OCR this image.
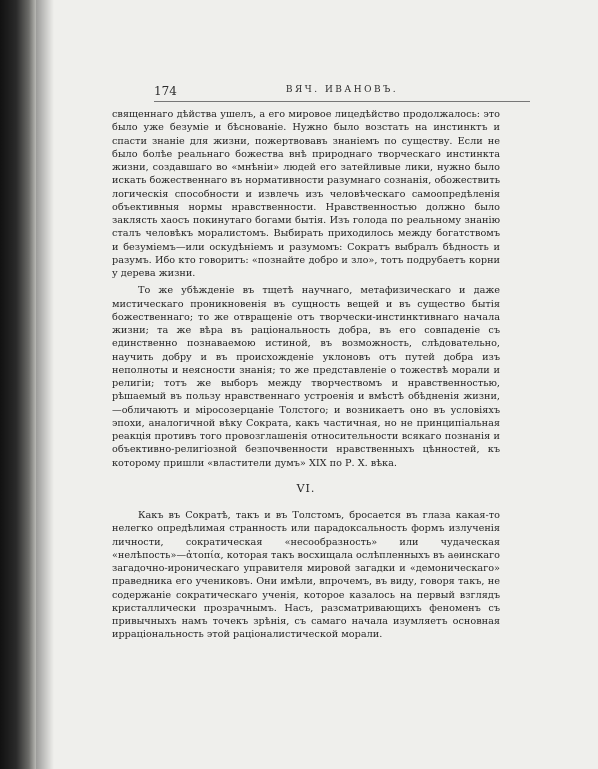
174	ВЯЧ. ИВАНОВЪ.

священнаго дѣйства ушелъ, а его мировое лицедѣйство продолжалось: это было уже безуміе и бѣснованіе. Нужно было возстать на инстинктъ и спасти знаніе для жизни, пожертвовавъ знаніемъ по существу. Если не было болѣе реальнаго божества внѣ природнаго творческаго инстинкта жизни, создавшаго во «мнѣніи» людей его затейливые лики, нужно было искать божественнаго въ нормативности разумнаго сознанія, обожествить логическія способности и извлечь изъ человѣческаго самоопредѣленія объективныя нормы нравственности. Нравственностью должно было заклясть хаосъ покинутаго богами бытія. Изъ голода по реальному знанію сталъ человѣкъ моралистомъ. Выбирать приходилось между богатствомъ и безуміемъ—или оскудѣніемъ и разумомъ: Сократъ выбралъ бѣдность и разумъ. Ибо кто говоритъ: «познайте добро и зло», тотъ подрубаетъ корни у дерева жизни.

То же убѣжденіе въ тщетѣ научнаго, метафизическаго и даже мистическаго проникновенія въ сущность вещей и въ существо бытія божественнаго; то же отвращеніе отъ творчески-инстинктивнаго начала жизни; та же вѣра въ раціональность добра, въ его совпаденіе съ единственно познаваемою истиной, въ возможность, слѣдовательно, научить добру и въ происхожденіе уклоновъ отъ путей добра изъ неполноты и неясности знанія; то же представленіе о тожествѣ морали и религіи; тотъ же выборъ между творчествомъ и нравственностью, рѣшаемый въ пользу нравственнаго устроенія и вмѣстѣ обѣдненія жизни,—обличаютъ и міросозерцаніе Толстого; и возникаетъ оно въ условіяхъ эпохи, аналогичной вѣку Сократа, какъ частичная, но не принципіальная реакція противъ того провозглашенія относительности всякаго познанія и объективно-религіозной безпочвенности нравственныхъ цѣнностей, къ которому пришли «властители думъ» XIX по Р. Х. вѣка.

VI.

Какъ въ Сократѣ, такъ и въ Толстомъ, бросается въ глаза какая-то нелегко опредѣлимая странность или парадоксальность формъ излученія личности, сократическая «несообразность» или чудаческая «нелѣпость»—ἀτοπία, которая такъ восхищала ослѣпленныхъ въ аѳинскаго загадочно-ироническаго управителя мировой загадки и «демоническаго» праведника его учениковъ. Они имѣли, впрочемъ, въ виду, говоря такъ, не содержаніе сократическаго ученія, которое казалось на первый взглядъ кристаллически прозрачнымъ. Насъ, разсматривающихъ феноменъ съ привычныхъ намъ точекъ зрѣнія, съ самаго начала изумляетъ основная ирраціональность этой раціоналистической морали.
